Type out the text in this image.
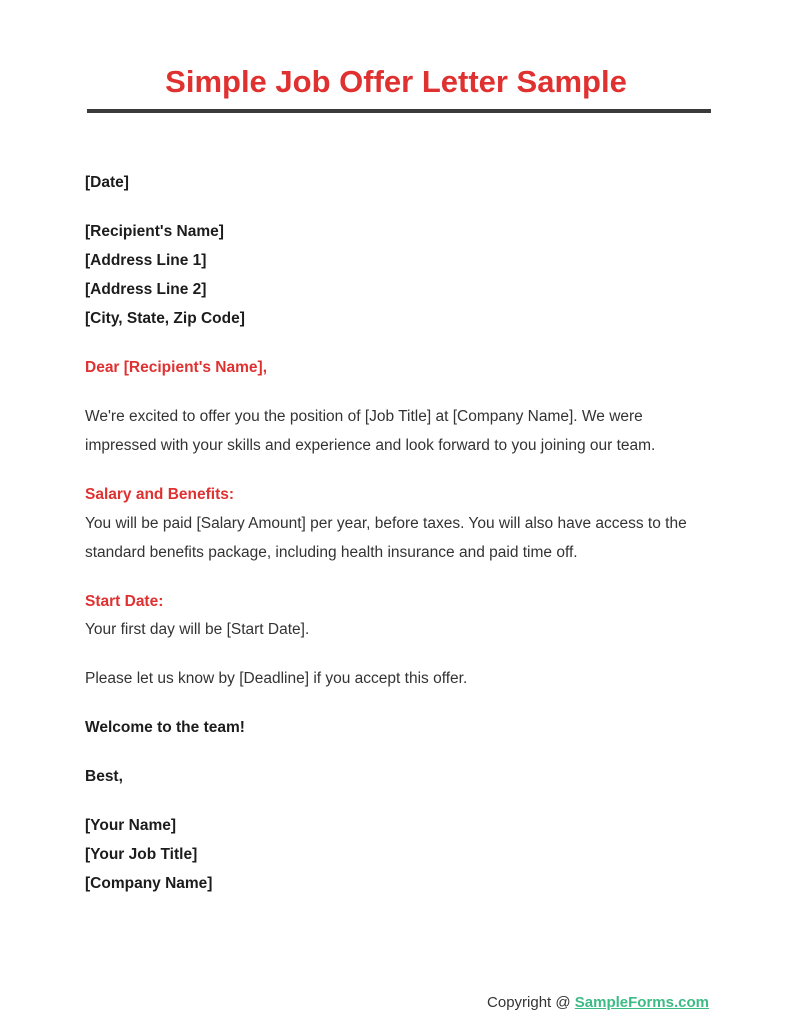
Simple Job Offer Letter Sample
[Date]
[Recipient's Name]
[Address Line 1]
[Address Line 2]
[City, State, Zip Code]
Dear [Recipient's Name],
We're excited to offer you the position of [Job Title] at [Company Name]. We were
impressed with your skills and experience and look forward to you joining our team.
Salary and Benefits:
You will be paid [Salary Amount] per year, before taxes. You will also have access to the
standard benefits package, including health insurance and paid time off.
Start Date:
Your first day will be [Start Date].
Please let us know by [Deadline] if you accept this offer.
Welcome to the team!
Best,
[Your Name]
[Your Job Title]
[Company Name]
Copyright @ SampleForms.com
